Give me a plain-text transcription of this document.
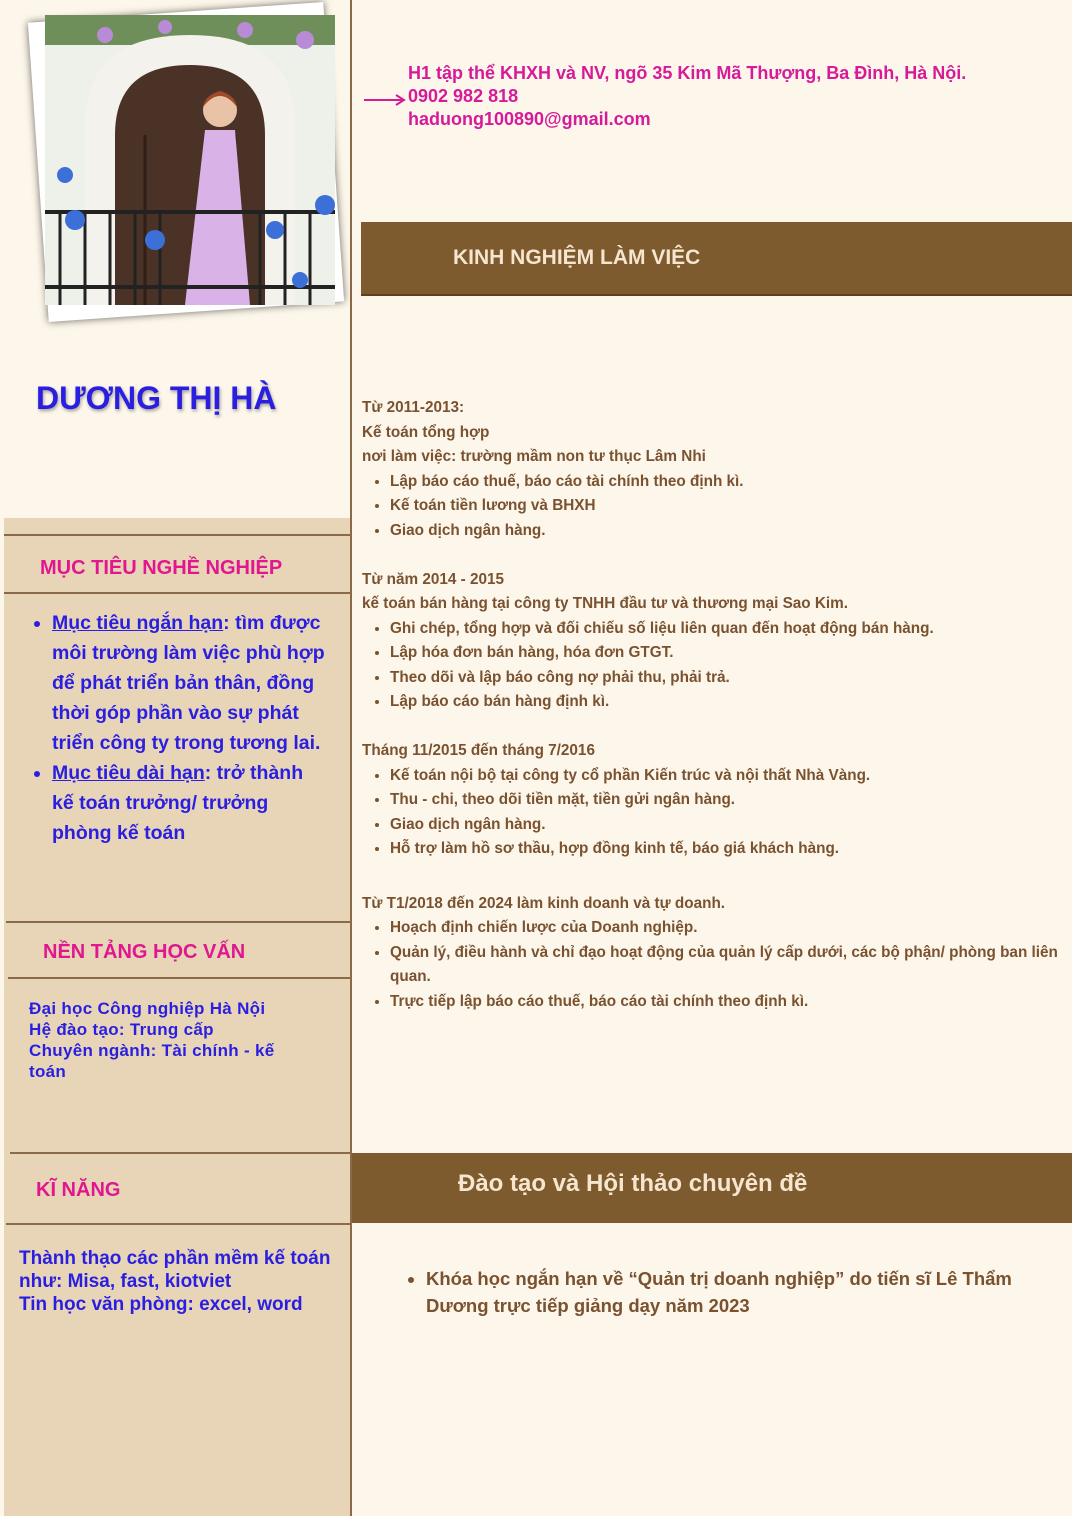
H1 tập thể KHXH và NV, ngõ 35 Kim Mã Thượng, Ba Đình, Hà Nội.
0902 982 818
haduong100890@gmail.com
KINH NGHIỆM LÀM VIỆC
DƯƠNG THỊ HÀ
MỤC TIÊU NGHỀ NGHIỆP
• Mục tiêu ngắn hạn: tìm được môi trường làm việc phù hợp để phát triển bản thân, đồng thời góp phần vào sự phát triển công ty trong tương lai.
• Mục tiêu dài hạn: trở thành kế toán trưởng/ trưởng phòng kế toán
NỀN TẢNG HỌC VẤN
Đại học Công nghiệp Hà Nội
Hệ đào tạo: Trung cấp
Chuyên ngành: Tài chính - kế toán
KĨ NĂNG
Thành thạo các phần mềm kế toán như: Misa, fast, kiotviet
Tin học văn phòng: excel, word

Từ 2011-2013:

Kế toán tổng hợp

nơi làm việc: trường mầm non tư thục Lâm Nhi

• Lập báo cáo thuế, báo cáo tài chính theo định kì.
• Kế toán tiền lương và BHXH
• Giao dịch ngân hàng.

Từ năm 2014 - 2015

kế toán bán hàng tại công ty TNHH đầu tư và thương mại Sao Kim.

• Ghi chép, tổng hợp và đối chiếu số liệu liên quan đến hoạt động bán hàng.
• Lập hóa đơn bán hàng, hóa đơn GTGT.
• Theo dõi và lập báo công nợ phải thu, phải trả.
• Lập báo cáo bán hàng định kì.

Tháng 11/2015 đến tháng 7/2016

• Kế toán nội bộ tại công ty cổ phần Kiến trúc và nội thất Nhà Vàng.
• Thu - chi, theo dõi tiền mặt, tiền gửi ngân hàng.
• Giao dịch ngân hàng.
• Hỗ trợ làm hồ sơ thầu, hợp đồng kinh tế, báo giá khách hàng.

Từ T1/2018 đến 2024 làm kinh doanh và tự doanh.

• Hoạch định chiến lược của Doanh nghiệp.
• Quản lý, điều hành và chỉ đạo hoạt động của quản lý cấp dưới, các bộ phận/ phòng ban liên quan.
• Trực tiếp lập báo cáo thuế, báo cáo tài chính theo định kì.
Đào tạo và Hội thảo chuyên đề
• Khóa học ngắn hạn về “Quản trị doanh nghiệp” do tiến sĩ Lê Thẩm Dương trực tiếp giảng dạy năm 2023
